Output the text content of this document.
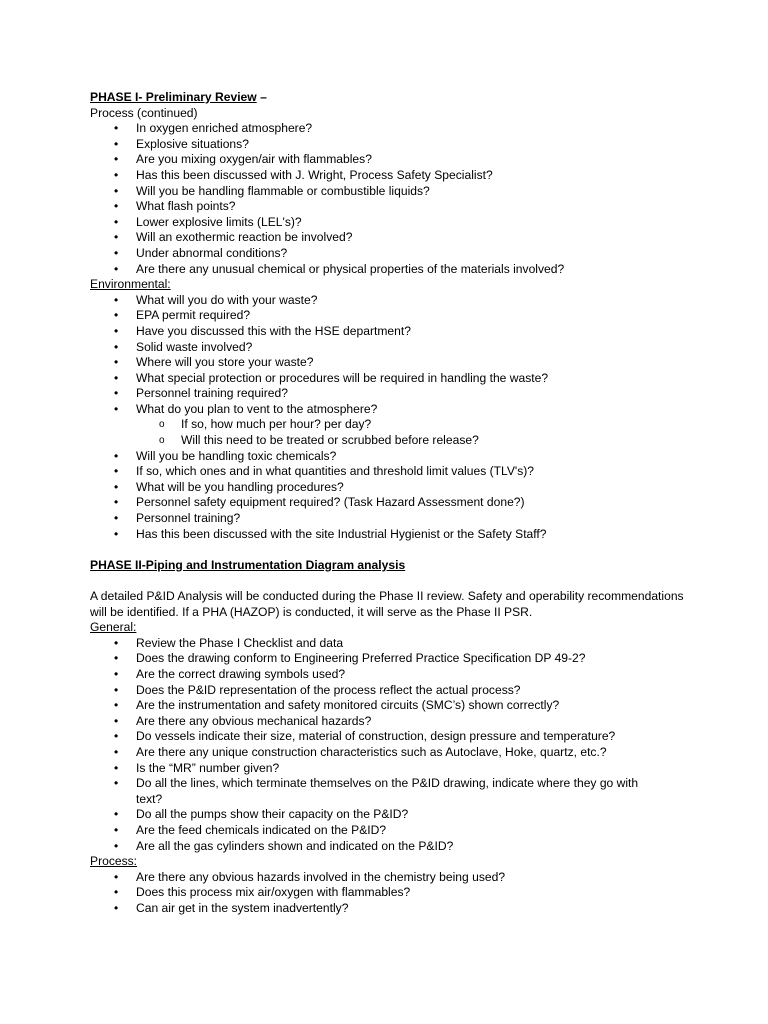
PHASE I- Preliminary Review –
Process (continued)
• In oxygen enriched atmosphere?
• Explosive situations?
• Are you mixing oxygen/air with flammables?
• Has this been discussed with J. Wright, Process Safety Specialist?
• Will you be handling flammable or combustible liquids?
• What flash points?
• Lower explosive limits (LEL's)?
• Will an exothermic reaction be involved?
• Under abnormal conditions?
• Are there any unusual chemical or physical properties of the materials involved?
Environmental:
• What will you do with your waste?
• EPA permit required?
• Have you discussed this with the HSE department?
• Solid waste involved?
• Where will you store your waste?
• What special protection or procedures will be required in handling the waste?
• Personnel training required?
• What do you plan to vent to the atmosphere?
o If so, how much per hour? per day?
o Will this need to be treated or scrubbed before release?
• Will you be handling toxic chemicals?
• If so, which ones and in what quantities and threshold limit values (TLV's)?
• What will be you handling procedures?
• Personnel safety equipment required? (Task Hazard Assessment done?)
• Personnel training?
• Has this been discussed with the site Industrial Hygienist or the Safety Staff?
PHASE II-Piping and Instrumentation Diagram analysis
A detailed P&ID Analysis will be conducted during the Phase II review. Safety and operability recommendations will be identified. If a PHA (HAZOP) is conducted, it will serve as the Phase II PSR.
General:
• Review the Phase I Checklist and data
• Does the drawing conform to Engineering Preferred Practice Specification DP 49-2?
• Are the correct drawing symbols used?
• Does the P&ID representation of the process reflect the actual process?
• Are the instrumentation and safety monitored circuits (SMC’s) shown correctly?
• Are there any obvious mechanical hazards?
• Do vessels indicate their size, material of construction, design pressure and temperature?
• Are there any unique construction characteristics such as Autoclave, Hoke, quartz, etc.?
• Is the “MR” number given?
• Do all the lines, which terminate themselves on the P&ID drawing, indicate where they go with text?
• Do all the pumps show their capacity on the P&ID?
• Are the feed chemicals indicated on the P&ID?
• Are all the gas cylinders shown and indicated on the P&ID?
Process:
• Are there any obvious hazards involved in the chemistry being used?
• Does this process mix air/oxygen with flammables?
• Can air get in the system inadvertently?
